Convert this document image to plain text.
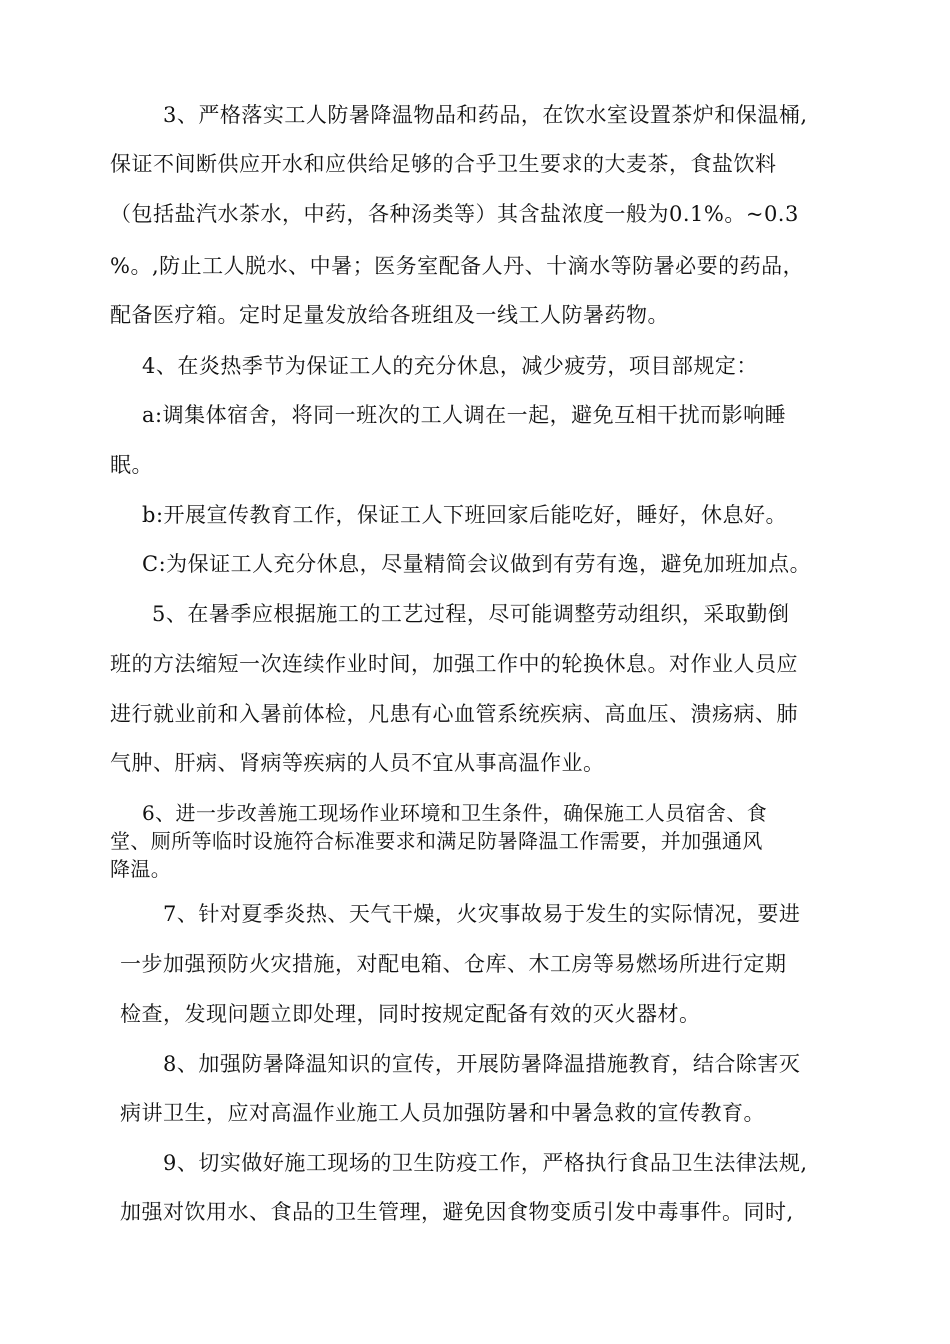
3、严格落实工人防暑降温物品和药品，在饮水室设置茶炉和保温桶,
保证不间断供应开水和应供给足够的合乎卫生要求的大麦茶，食盐饮料
（包括盐汽水茶水，中药，各种汤类等）其含盐浓度一般为0.1%。~0.3
%。,防止工人脱水、中暑；医务室配备人丹、十滴水等防暑必要的药品，
配备医疗箱。定时足量发放给各班组及一线工人防暑药物。
4、在炎热季节为保证工人的充分休息，减少疲劳，项目部规定：
a:调集体宿舍，将同一班次的工人调在一起，避免互相干扰而影响睡
眠。
b:开展宣传教育工作，保证工人下班回家后能吃好，睡好，休息好。
C:为保证工人充分休息，尽量精简会议做到有劳有逸，避免加班加点。
5、在暑季应根据施工的工艺过程，尽可能调整劳动组织，采取勤倒
班的方法缩短一次连续作业时间，加强工作中的轮换休息。对作业人员应
进行就业前和入暑前体检，凡患有心血管系统疾病、高血压、溃疡病、肺
气肿、肝病、肾病等疾病的人员不宜从事高温作业。
6、进一步改善施工现场作业环境和卫生条件，确保施工人员宿舍、食
堂、厕所等临时设施符合标准要求和满足防暑降温工作需要，并加强通风
降温。
7、针对夏季炎热、天气干燥，火灾事故易于发生的实际情况，要进
一步加强预防火灾措施，对配电箱、仓库、木工房等易燃场所进行定期
检查，发现问题立即处理，同时按规定配备有效的灭火器材。
8、加强防暑降温知识的宣传，开展防暑降温措施教育，结合除害灭
病讲卫生，应对高温作业施工人员加强防暑和中暑急救的宣传教育。
9、切实做好施工现场的卫生防疫工作，严格执行食品卫生法律法规,
加强对饮用水、食品的卫生管理，避免因食物变质引发中毒事件。同时,
